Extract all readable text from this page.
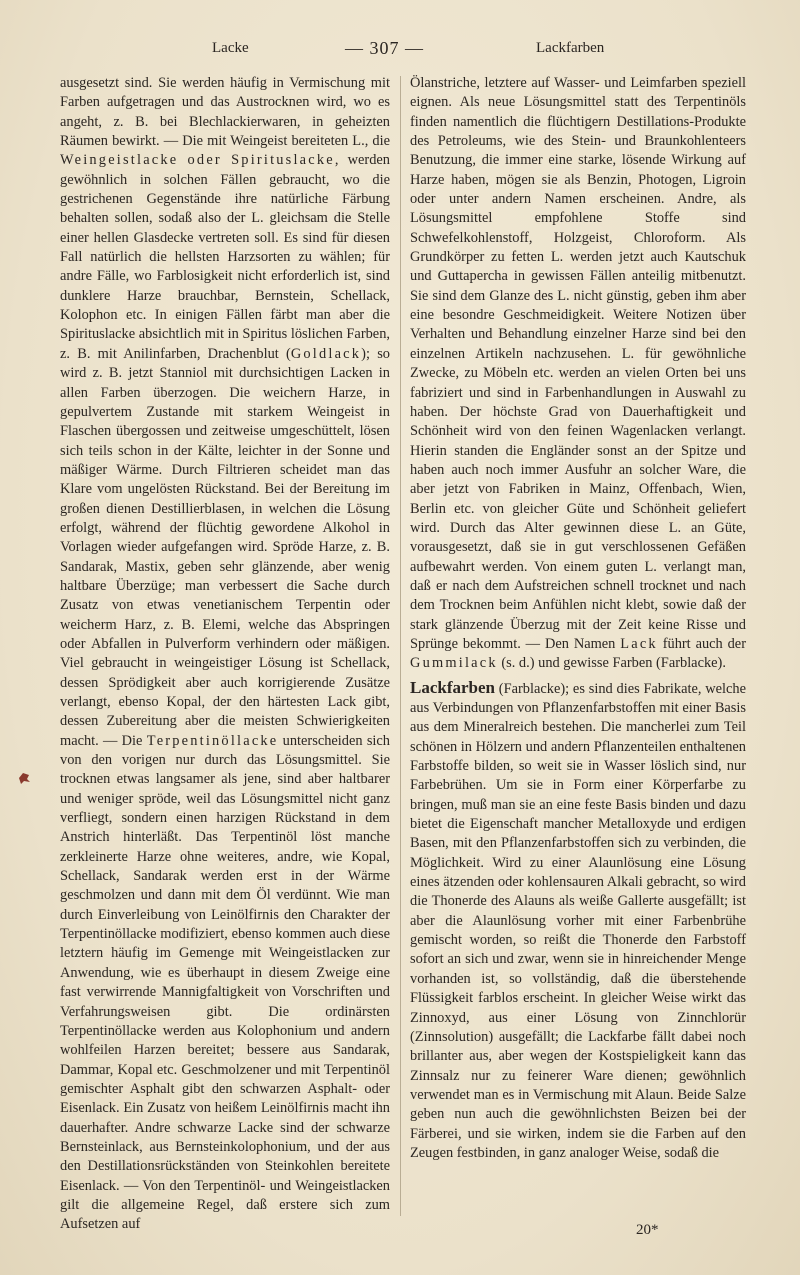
Lacke	— 307 —	Lackfarben

ausgesetzt sind. Sie werden häufig in Vermischung mit Farben aufgetragen und das Austrocknen wird, wo es angeht, z. B. bei Blechlackierwaren, in geheizten Räumen bewirkt. — Die mit Weingeist bereiteten L., die Weingeistlacke oder Spirituslacke, werden gewöhnlich in solchen Fällen gebraucht, wo die gestrichenen Gegenstände ihre natürliche Färbung behalten sollen, sodaß also der L. gleichsam die Stelle einer hellen Glasdecke vertreten soll. Es sind für diesen Fall natürlich die hellsten Harzsorten zu wählen; für andre Fälle, wo Farblosigkeit nicht erforderlich ist, sind dunklere Harze brauchbar, Bernstein, Schellack, Kolophon etc. In einigen Fällen färbt man aber die Spirituslacke absichtlich mit in Spiritus löslichen Farben, z. B. mit Anilinfarben, Drachenblut (Goldlack); so wird z. B. jetzt Stanniol mit durchsichtigen Lacken in allen Farben überzogen. Die weichern Harze, in gepulvertem Zustande mit starkem Weingeist in Flaschen übergossen und zeitweise umgeschüttelt, lösen sich teils schon in der Kälte, leichter in der Sonne und mäßiger Wärme. Durch Filtrieren scheidet man das Klare vom ungelösten Rückstand. Bei der Bereitung im großen dienen Destillierblasen, in welchen die Lösung erfolgt, während der flüchtig gewordene Alkohol in Vorlagen wieder aufgefangen wird. Spröde Harze, z. B. Sandarak, Mastix, geben sehr glänzende, aber wenig haltbare Überzüge; man verbessert die Sache durch Zusatz von etwas venetianischem Terpentin oder weicherm Harz, z. B. Elemi, welche das Abspringen oder Abfallen in Pulverform verhindern oder mäßigen. Viel gebraucht in weingeistiger Lösung ist Schellack, dessen Sprödigkeit aber auch korrigierende Zusätze verlangt, ebenso Kopal, der den härtesten Lack gibt, dessen Zubereitung aber die meisten Schwierigkeiten macht. — Die Terpentinöllacke unterscheiden sich von den vorigen nur durch das Lösungsmittel. Sie trocknen etwas langsamer als jene, sind aber haltbarer und weniger spröde, weil das Lösungsmittel nicht ganz verfliegt, sondern einen harzigen Rückstand in dem Anstrich hinterläßt. Das Terpentinöl löst manche zerkleinerte Harze ohne weiteres, andre, wie Kopal, Schellack, Sandarak werden erst in der Wärme geschmolzen und dann mit dem Öl verdünnt. Wie man durch Einverleibung von Leinölfirnis den Charakter der Terpentinöllacke modifiziert, ebenso kommen auch diese letztern häufig im Gemenge mit Weingeistlacken zur Anwendung, wie es überhaupt in diesem Zweige eine fast verwirrende Mannigfaltigkeit von Vorschriften und Verfahrungsweisen gibt. Die ordinärsten Terpentinöllacke werden aus Kolophonium und andern wohlfeilen Harzen bereitet; bessere aus Sandarak, Dammar, Kopal etc. Geschmolzener und mit Terpentinöl gemischter Asphalt gibt den schwarzen Asphalt- oder Eisenlack. Ein Zusatz von heißem Leinölfirnis macht ihn dauerhafter. Andre schwarze Lacke sind der schwarze Bernsteinlack, aus Bernsteinkolophonium, und der aus den Destillationsrückständen von Steinkohlen bereitete Eisenlack. — Von den Terpentinöl- und Weingeistlacken gilt die allgemeine Regel, daß erstere sich zum Aufsetzen auf

Ölanstriche, letztere auf Wasser- und Leimfarben speziell eignen. Als neue Lösungsmittel statt des Terpentinöls finden namentlich die flüchtigern Destillations-Produkte des Petroleums, wie des Stein- und Braunkohlenteers Benutzung, die immer eine starke, lösende Wirkung auf Harze haben, mögen sie als Benzin, Photogen, Ligroin oder unter andern Namen erscheinen. Andre, als Lösungsmittel empfohlene Stoffe sind Schwefelkohlenstoff, Holzgeist, Chloroform. Als Grundkörper zu fetten L. werden jetzt auch Kautschuk und Guttapercha in gewissen Fällen anteilig mitbenutzt. Sie sind dem Glanze des L. nicht günstig, geben ihm aber eine besondre Geschmeidigkeit. Weitere Notizen über Verhalten und Behandlung einzelner Harze sind bei den einzelnen Artikeln nachzusehen. L. für gewöhnliche Zwecke, zu Möbeln etc. werden an vielen Orten bei uns fabriziert und sind in Farbenhandlungen in Auswahl zu haben. Der höchste Grad von Dauerhaftigkeit und Schönheit wird von den feinen Wagenlacken verlangt. Hierin standen die Engländer sonst an der Spitze und haben auch noch immer Ausfuhr an solcher Ware, die aber jetzt von Fabriken in Mainz, Offenbach, Wien, Berlin etc. von gleicher Güte und Schönheit geliefert wird. Durch das Alter gewinnen diese L. an Güte, vorausgesetzt, daß sie in gut verschlossenen Gefäßen aufbewahrt werden. Von einem guten L. verlangt man, daß er nach dem Aufstreichen schnell trocknet und nach dem Trocknen beim Anfühlen nicht klebt, sowie daß der stark glänzende Überzug mit der Zeit keine Risse und Sprünge bekommt. — Den Namen Lack führt auch der Gummilack (s. d.) und gewisse Farben (Farblacke).

Lackfarben (Farblacke); es sind dies Fabrikate, welche aus Verbindungen von Pflanzenfarbstoffen mit einer Basis aus dem Mineralreich bestehen. Die mancherlei zum Teil schönen in Hölzern und andern Pflanzenteilen enthaltenen Farbstoffe bilden, so weit sie in Wasser löslich sind, nur Farbebrühen. Um sie in Form einer Körperfarbe zu bringen, muß man sie an eine feste Basis binden und dazu bietet die Eigenschaft mancher Metalloxyde und erdigen Basen, mit den Pflanzenfarbstoffen sich zu verbinden, die Möglichkeit. Wird zu einer Alaunlösung eine Lösung eines ätzenden oder kohlensauren Alkali gebracht, so wird die Thonerde des Alauns als weiße Gallerte ausgefällt; ist aber die Alaunlösung vorher mit einer Farbenbrühe gemischt worden, so reißt die Thonerde den Farbstoff sofort an sich und zwar, wenn sie in hinreichender Menge vorhanden ist, so vollständig, daß die überstehende Flüssigkeit farblos erscheint. In gleicher Weise wirkt das Zinnoxyd, aus einer Lösung von Zinnchlorür (Zinnsolution) ausgefällt; die Lackfarbe fällt dabei noch brillanter aus, aber wegen der Kostspieligkeit kann das Zinnsalz nur zu feinerer Ware dienen; gewöhnlich verwendet man es in Vermischung mit Alaun. Beide Salze geben nun auch die gewöhnlichsten Beizen bei der Färberei, und sie wirken, indem sie die Farben auf den Zeugen festbinden, in ganz analoger Weise, sodaß die

20*
